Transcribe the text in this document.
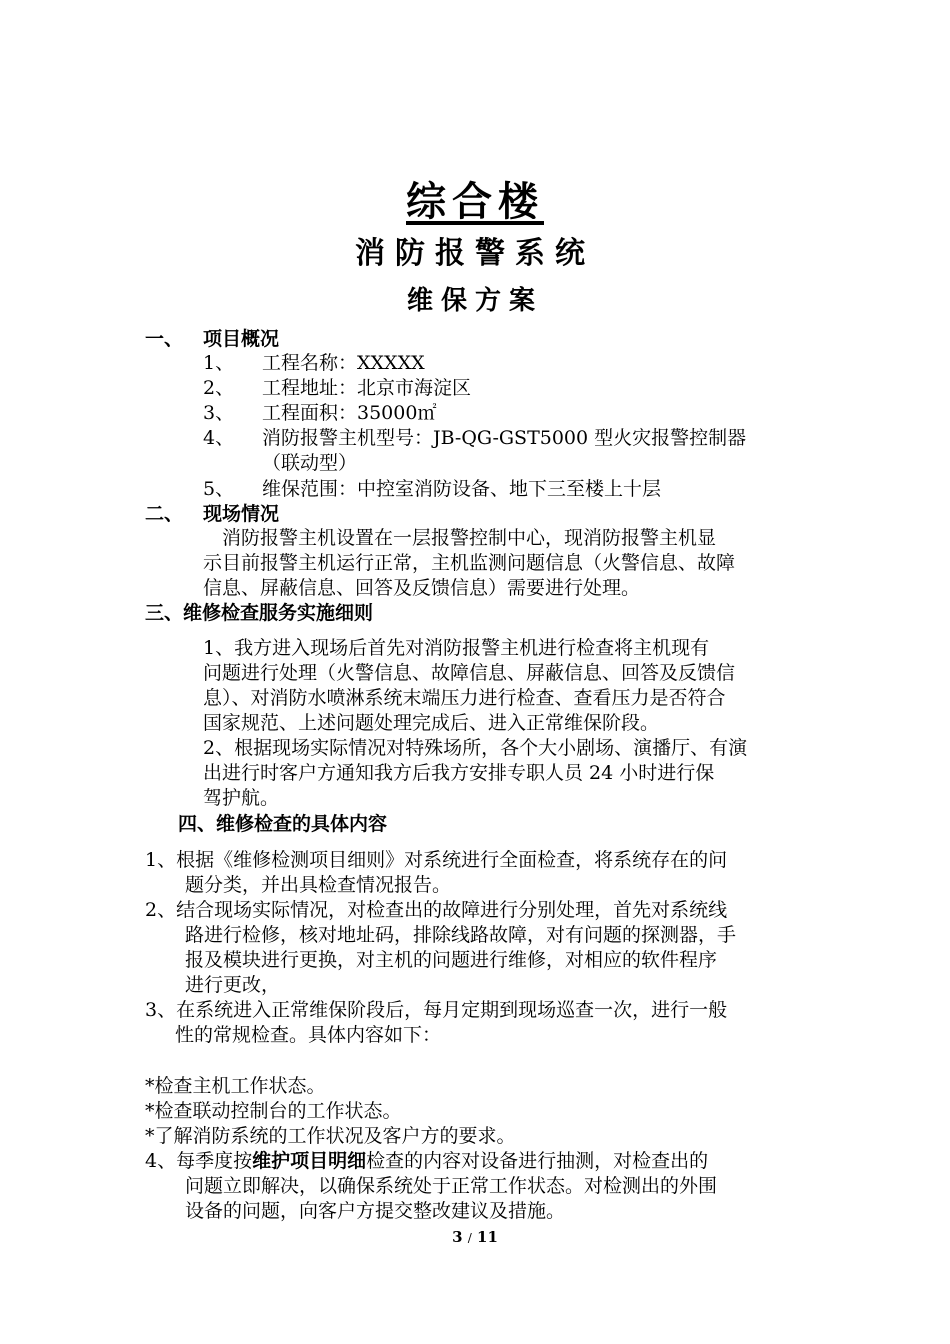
综合楼
消防报警系统
维保方案
一、 项目概况
1、 工程名称：XXXXX
2、 工程地址：北京市海淀区
3、 工程面积：35000㎡
4、 消防报警主机型号：JB-QG-GST5000 型火灾报警控制器
（联动型）
5、 维保范围：中控室消防设备、地下三至楼上十层
二、 现场情况
消防报警主机设置在一层报警控制中心，现消防报警主机显
示目前报警主机运行正常，主机监测问题信息（火警信息、故障
信息、屏蔽信息、回答及反馈信息）需要进行处理。
三、维修检查服务实施细则
1、我方进入现场后首先对消防报警主机进行检查将主机现有
问题进行处理（火警信息、故障信息、屏蔽信息、回答及反馈信
息）、对消防水喷淋系统末端压力进行检查、查看压力是否符合
国家规范、上述问题处理完成后、进入正常维保阶段。
2、根据现场实际情况对特殊场所，各个大小剧场、演播厅、有演
出进行时客户方通知我方后我方安排专职人员 24 小时进行保
驾护航。
四、维修检查的具体内容
1、根据《维修检测项目细则》对系统进行全面检查，将系统存在的问
题分类，并出具检查情况报告。
2、结合现场实际情况，对检查出的故障进行分别处理，首先对系统线
路进行检修，核对地址码，排除线路故障，对有问题的探测器，手
报及模块进行更换，对主机的问题进行维修，对相应的软件程序
进行更改，
3、在系统进入正常维保阶段后，每月定期到现场巡查一次，进行一般
性的常规检查。具体内容如下：
*检查主机工作状态。
*检查联动控制台的工作状态。
*了解消防系统的工作状况及客户方的要求。
4、每季度按维护项目明细检查的内容对设备进行抽测，对检查出的
问题立即解决，以确保系统处于正常工作状态。对检测出的外围
设备的问题，向客户方提交整改建议及措施。
3 / 11
